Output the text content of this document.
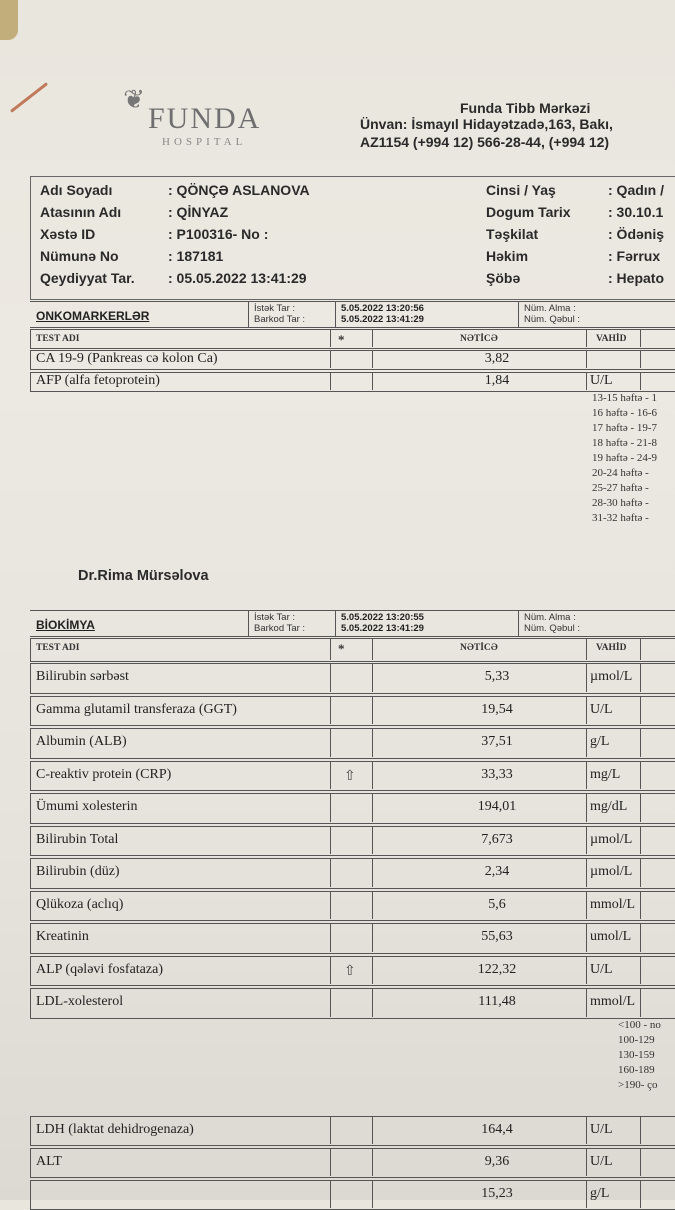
❦
FUNDA
HOSPITAL
Funda Tibb Mərkəzi
Ünvan: İsmayıl Hidayətzadə,163, Bakı,
AZ1154 (+994 12) 566-28-44, (+994 12)
Adı Soyadı	: QÖNÇƏ ASLANOVA
Atasının Adı	: QİNYAZ
Xəstə ID	: P100316- No :
Nümunə No	: 187181
Qeydiyyat Tar. : 05.05.2022 13:41:29
Cinsi / Yaş	: Qadın /
Dogum Tarix	: 30.10.1
Təşkilat	: Ödəniş
Həkim	: Fərrux
Şöbə	: Hepato
ONKOMARKERLƏR
İstək Tar :
Barkod Tar :
5.05.2022 13:20:56
5.05.2022 13:41:29
Nüm. Alma :
Nüm. Qəbul :
TEST ADI	*	NƏTİCƏ	VAHİD
CA 19-9 (Pankreas cə kolon Ca)	3,82
AFP (alfa fetoprotein)	1,84	U/L
13-15 həftə - 1
16 həftə - 16-6
17 həftə - 19-7
18 həftə - 21-8
19 həftə - 24-9
20-24 həftə -
25-27 həftə -
28-30 həftə -
31-32 həftə -
Dr.Rima Mürsəlova
BİOKİMYA
İstək Tar :
Barkod Tar :
5.05.2022 13:20:55
5.05.2022 13:41:29
Nüm. Alma :
Nüm. Qəbul :
TEST ADI	*	NƏTİCƏ	VAHİD
Bilirubin sərbəst	5,33	µmol/L
Gamma glutamil transferaza (GGT)	19,54	U/L
Albumin (ALB)	37,51	g/L
C-reaktiv protein (CRP)	⇧	33,33	mg/L
Ümumi xolesterin	194,01	mg/dL
Bilirubin Total	7,673	µmol/L
Bilirubin (düz)	2,34	µmol/L
Qlükoza (aclıq)	5,6	mmol/L
Kreatinin	55,63	umol/L
ALP (qələvi fosfataza)	⇧	122,32	U/L
LDL-xolesterol	111,48	mmol/L
<100 - no
100-129
130-159
160-189
>190- ço
LDH (laktat dehidrogenaza)	164,4	U/L
ALT	9,36	U/L
15,23	g/L
